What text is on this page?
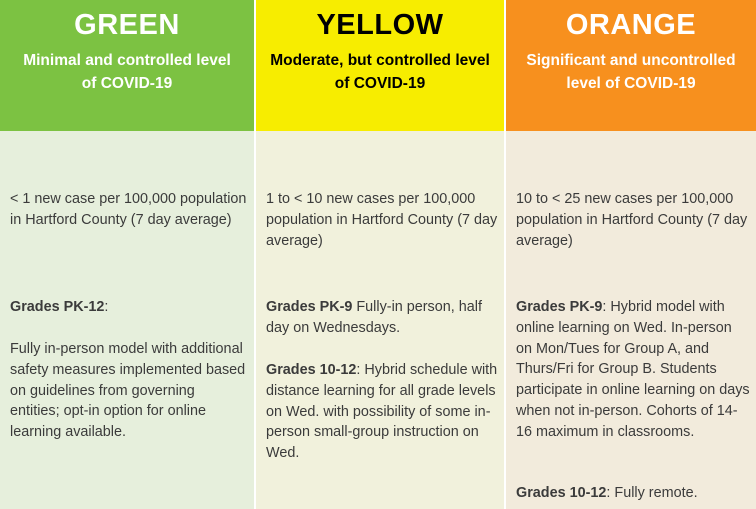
GREEN
Minimal and controlled level of COVID-19

< 1 new case per 100,000 population in Hartford County (7 day average)

Grades PK-12:

Fully in-person model with additional safety measures implemented based on guidelines from governing entities; opt-in option for online learning available.

YELLOW
Moderate, but controlled level of COVID-19

1 to < 10 new cases per 100,000 population in Hartford County (7 day average)

Grades PK-9 Fully-in person, half day on Wednesdays.

Grades 10-12: Hybrid schedule with distance learning for all grade levels on Wed. with possibility of some in-person small-group instruction on Wed.

ORANGE
Significant and uncontrolled level of COVID-19

10 to < 25 new cases per 100,000 population in Hartford County (7 day average)

Grades PK-9: Hybrid model with online learning on Wed. In-person on Mon/Tues for Group A, and Thurs/Fri for Group B. Students participate in online learning on days when not in-person. Cohorts of 14-16 maximum in classrooms.

Grades 10-12: Fully remote.
